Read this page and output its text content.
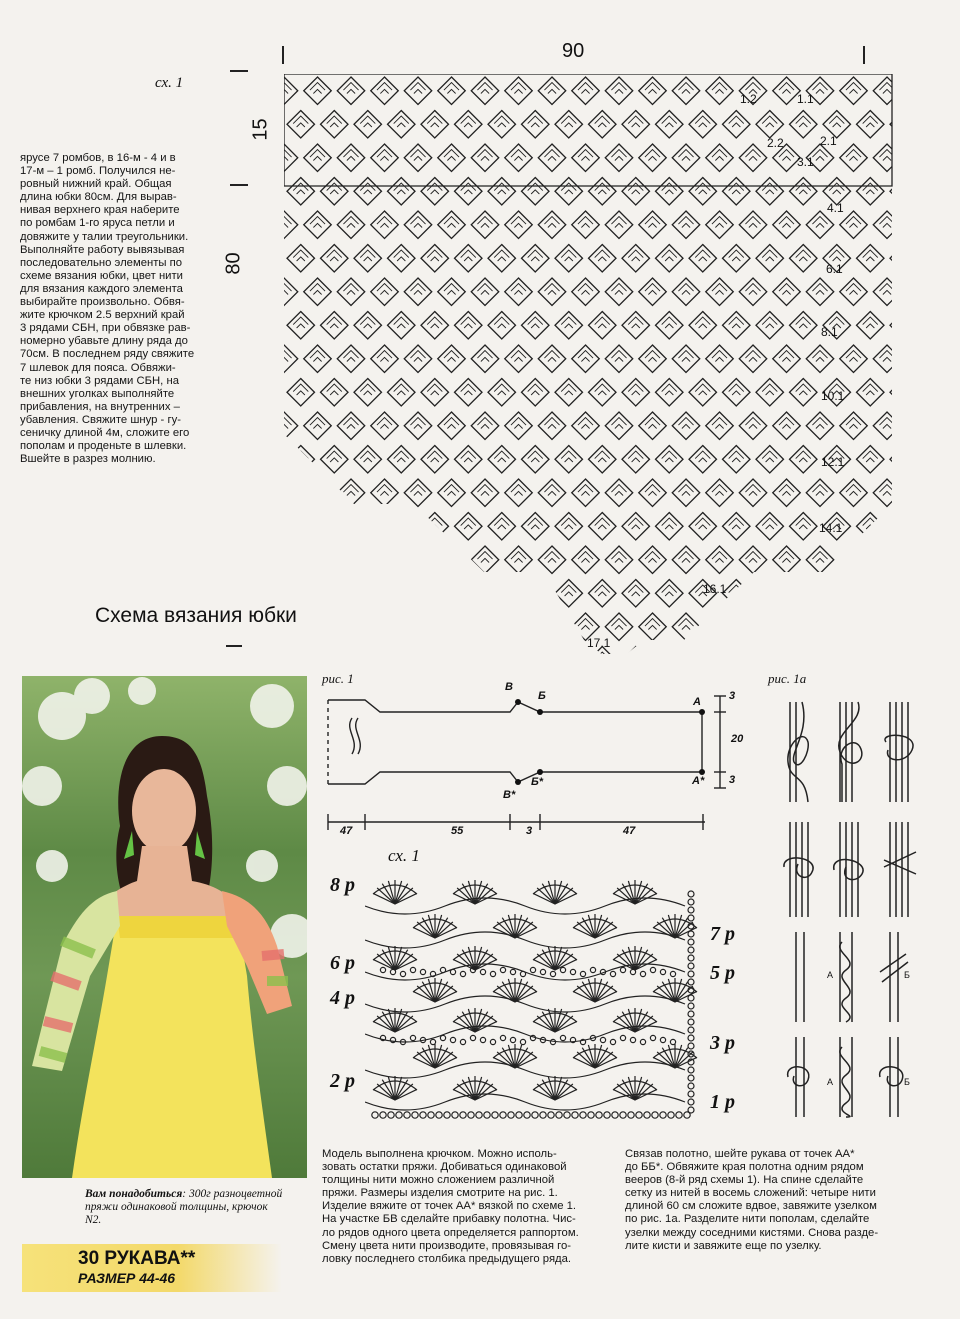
сх. 1
90
15
80
ярусе 7 ромбов, в 16-м - 4 и в
17-м – 1 ромб. Получился не-
ровный нижний край. Общая
длина юбки 80см. Для вырав-
нивая верхнего края наберите
по ромбам 1-го яруса петли и
довяжите у талии треугольники.
Выполняйте работу вывязывая
последовательно элементы по
схеме вязания юбки, цвет нити
для вязания каждого элемента
выбирайте произвольно. Обвя-
жите крючком 2.5 верхний край
3 рядами СБН, при обвязке рав-
номерно убавьте длину ряда до
70см. В последнем ряду свяжите
7 шлевок для пояса. Обвяжи-
те низ юбки 3 рядами СБН, на
внешних уголках выполняйте
прибавления, на внутренних –
убавления. Свяжите шнур - гу-
сеничку длиной 4м, сложите его
пополам и проденьте в шлевки.
Вшейте в разрез молнию.
1.2	1.1
2.2	2.1
3.1
4.1
6.1
8.1
10.1
12.1
14.1
16.1
17.1
Схема вязания юбки
Вам понадобиться: 300г разноцветной пряжи одинаковой толщины, крючок N2.
30 РУКАВА**
РАЗМЕР 44-46
рис. 1
В
Б	А
В*
Б*	А*
3
20
3
47	55	3	47
рис. 1а
А	Б
А	Б
сх. 1
8 р
6 р
4 р
2 р
7 р
5 р
3 р
1 р
Модель выполнена крючком. Можно исполь-
зовать остатки пряжи. Добиваться одинаковой
толщины нити можно сложением различной
пряжи. Размеры изделия смотрите на рис. 1.
Изделие вяжите от точек АА* вязкой по схеме 1.
На участке БВ сделайте прибавку полотна. Чис-
ло рядов одного цвета определяется раппортом.
Смену цвета нити производите, провязывая го-
ловку последнего столбика предыдущего ряда.
Связав полотно, шейте рукава от точек АА*
до ББ*. Обвяжите края полотна одним рядом
вееров (8-й ряд схемы 1). На спине сделайте
сетку из нитей в восемь сложений: четыре нити
длиной 60 см сложите вдвое, завяжите узелком
по рис. 1а. Разделите нити пополам, сделайте
узелки между соседними кистями. Снова разде-
лите кисти и завяжите еще по узелку.
